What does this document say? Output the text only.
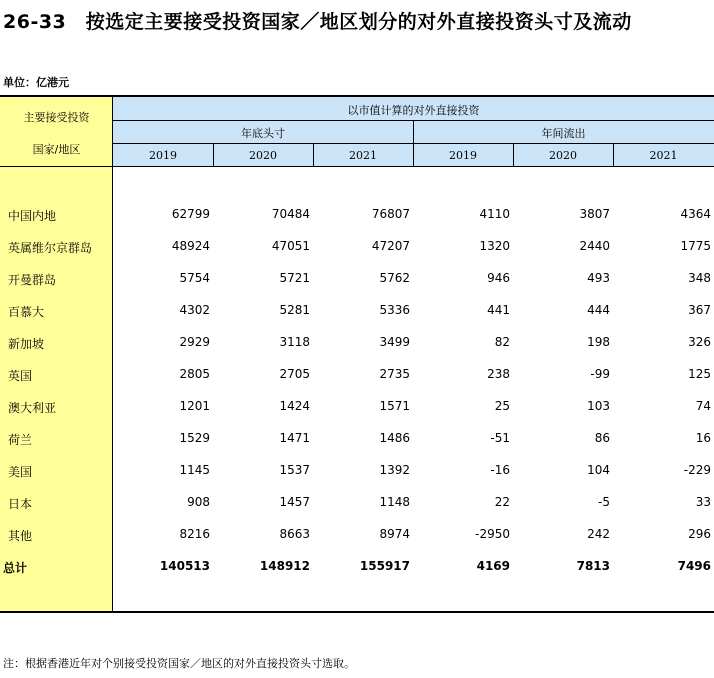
26-33　按选定主要接受投资国家／地区划分的对外直接投资头寸及流动
单位：亿港元
主要接受投资
国家/地区
以市值计算的对外直接投资
年底头寸	年间流出
2019	2020	2021	2019	2020	2021
中国内地	62799	70484	76807	4110	3807	4364
英属维尔京群岛	48924	47051	47207	1320	2440	1775
开曼群岛	5754	5721	5762	946	493	348
百慕大	4302	5281	5336	441	444	367
新加坡	2929	3118	3499	82	198	326
英国	2805	2705	2735	238	-99	125
澳大利亚	1201	1424	1571	25	103	74
荷兰	1529	1471	1486	-51	86	16
美国	1145	1537	1392	-16	104	-229
日本	908	1457	1148	22	-5	33
其他	8216	8663	8974	-2950	242	296
总计	140513	148912	155917	4169	7813	7496
注：根据香港近年对个别接受投资国家／地区的对外直接投资头寸选取。
